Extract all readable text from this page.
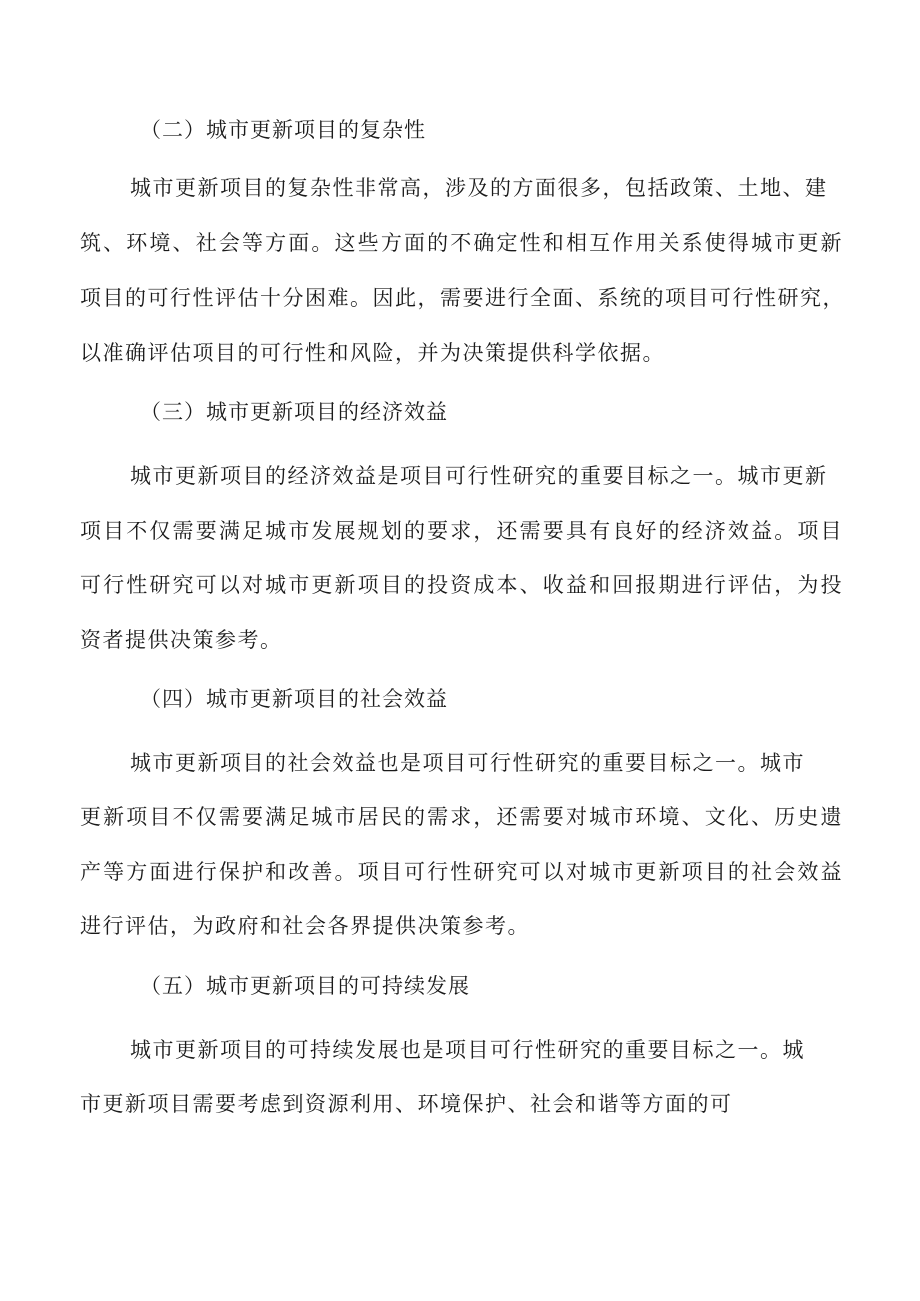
（二）城市更新项目的复杂性
城市更新项目的复杂性非常高，涉及的方面很多，包括政策、土地、建
筑、环境、社会等方面。这些方面的不确定性和相互作用关系使得城市更新
项目的可行性评估十分困难。因此，需要进行全面、系统的项目可行性研究，
以准确评估项目的可行性和风险，并为决策提供科学依据。
（三）城市更新项目的经济效益
城市更新项目的经济效益是项目可行性研究的重要目标之一。城市更新
项目不仅需要满足城市发展规划的要求，还需要具有良好的经济效益。项目
可行性研究可以对城市更新项目的投资成本、收益和回报期进行评估，为投
资者提供决策参考。
（四）城市更新项目的社会效益
城市更新项目的社会效益也是项目可行性研究的重要目标之一。城市
更新项目不仅需要满足城市居民的需求，还需要对城市环境、文化、历史遗
产等方面进行保护和改善。项目可行性研究可以对城市更新项目的社会效益
进行评估，为政府和社会各界提供决策参考。
（五）城市更新项目的可持续发展
城市更新项目的可持续发展也是项目可行性研究的重要目标之一。城
市更新项目需要考虑到资源利用、环境保护、社会和谐等方面的可
